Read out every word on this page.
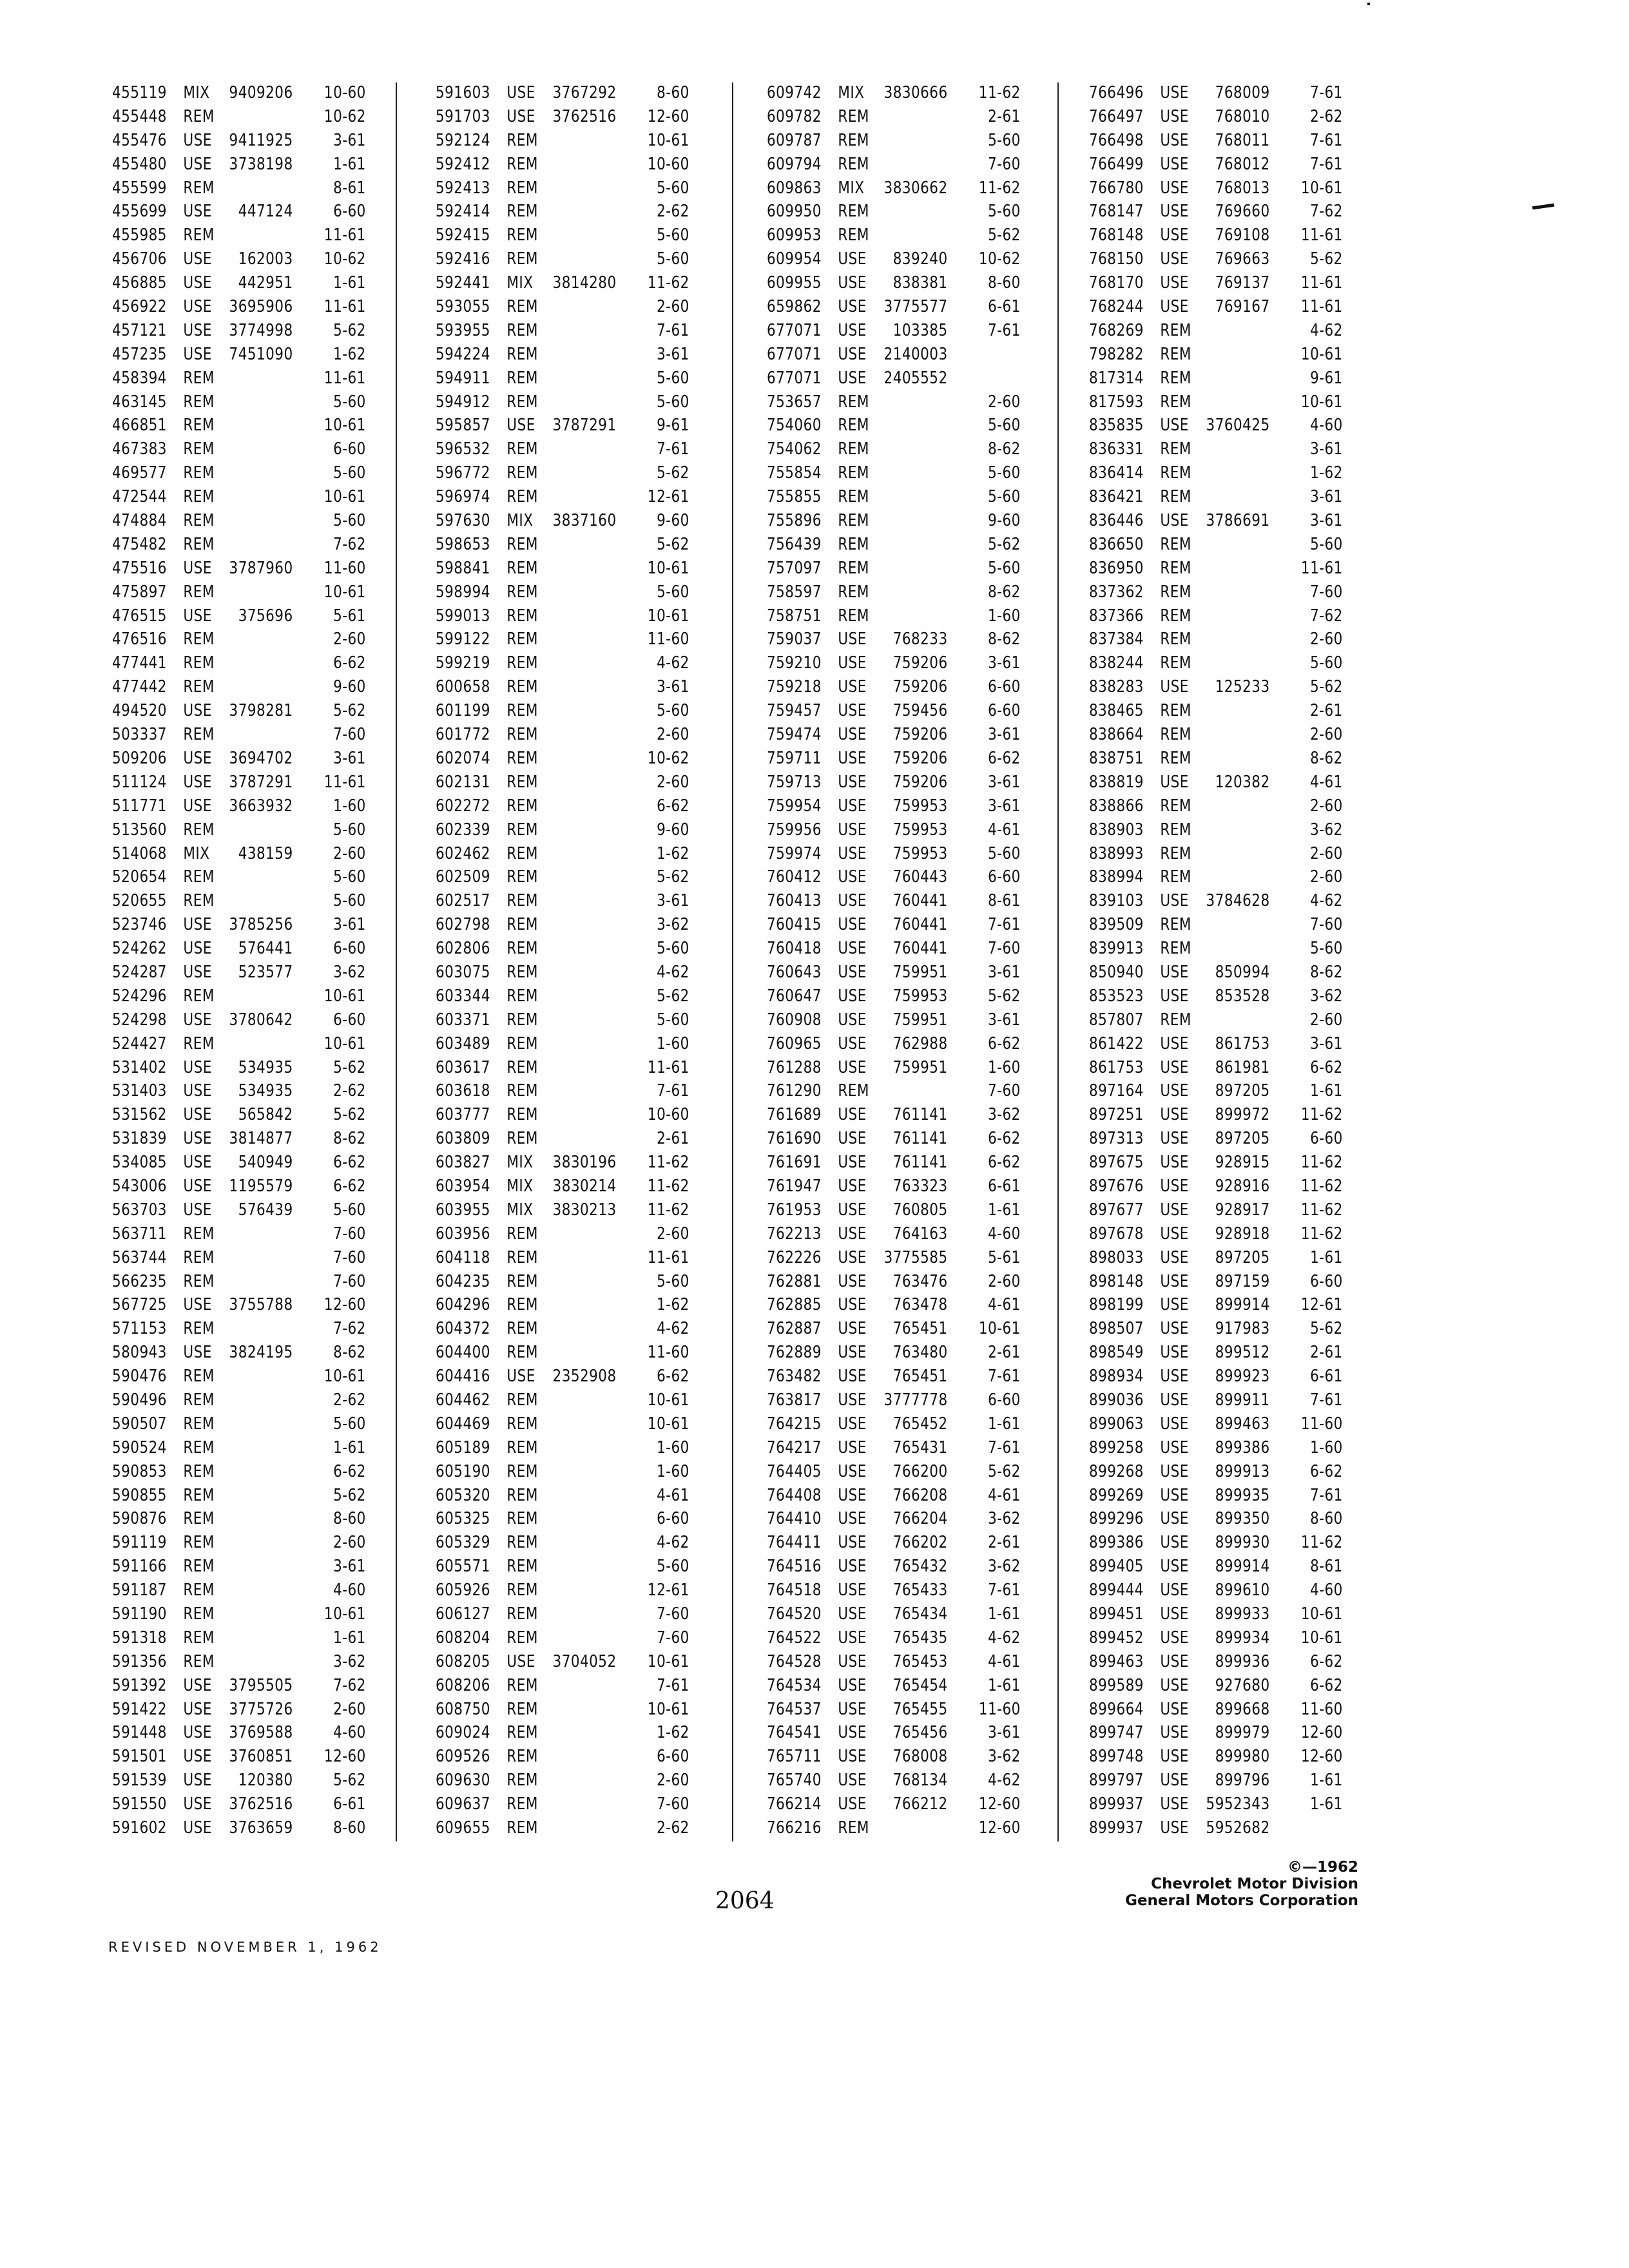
455119 MIX	9409206	10-60
455448 REM	10-62
455476 USE	9411925	3-61
455480 USE	3738198	1-61
455599 REM	8-61
455699 USE	447124	6-60
455985 REM	11-61
456706 USE	162003	10-62
456885 USE	442951	1-61
456922 USE	3695906	11-61
457121 USE	3774998	5-62
457235 USE	7451090	1-62
458394 REM	11-61
463145 REM	5-60
466851 REM	10-61
467383 REM	6-60
469577 REM	5-60
472544 REM	10-61
474884 REM	5-60
475482 REM	7-62
475516 USE	3787960	11-60
475897 REM	10-61
476515 USE	375696	5-61
476516 REM	2-60
477441 REM	6-62
477442 REM	9-60
494520 USE	3798281	5-62
503337 REM	7-60
509206 USE	3694702	3-61
511124 USE	3787291	11-61
511771 USE	3663932	1-60
513560 REM	5-60
514068 MIX	438159	2-60
520654 REM	5-60
520655 REM	5-60
523746 USE	3785256	3-61
524262 USE	576441	6-60
524287 USE	523577	3-62
524296 REM	10-61
524298 USE	3780642	6-60
524427 REM	10-61
531402 USE	534935	5-62
531403 USE	534935	2-62
531562 USE	565842	5-62
531839 USE	3814877	8-62
534085 USE	540949	6-62
543006 USE	1195579	6-62
563703 USE	576439	5-60
563711 REM	7-60
563744 REM	7-60
566235 REM	7-60
567725 USE	3755788	12-60
571153 REM	7-62
580943 USE	3824195	8-62
590476 REM	10-61
590496 REM	2-62
590507 REM	5-60
590524 REM	1-61
590853 REM	6-62
590855 REM	5-62
590876 REM	8-60
591119 REM	2-60
591166 REM	3-61
591187 REM	4-60
591190 REM	10-61
591318 REM	1-61
591356 REM	3-62
591392 USE	3795505	7-62
591422 USE	3775726	2-60
591448 USE	3769588	4-60
591501 USE	3760851	12-60
591539 USE	120380	5-62
591550 USE	3762516	6-61
591602 USE	3763659	8-60
591603 USE	3767292	8-60
591703 USE	3762516	12-60
592124 REM	10-61
592412 REM	10-60
592413 REM	5-60
592414 REM	2-62
592415 REM	5-60
592416 REM	5-60
592441 MIX	3814280	11-62
593055 REM	2-60
593955 REM	7-61
594224 REM	3-61
594911 REM	5-60
594912 REM	5-60
595857 USE	3787291	9-61
596532 REM	7-61
596772 REM	5-62
596974 REM	12-61
597630 MIX	3837160	9-60
598653 REM	5-62
598841 REM	10-61
598994 REM	5-60
599013 REM	10-61
599122 REM	11-60
599219 REM	4-62
600658 REM	3-61
601199 REM	5-60
601772 REM	2-60
602074 REM	10-62
602131 REM	2-60
602272 REM	6-62
602339 REM	9-60
602462 REM	1-62
602509 REM	5-62
602517 REM	3-61
602798 REM	3-62
602806 REM	5-60
603075 REM	4-62
603344 REM	5-62
603371 REM	5-60
603489 REM	1-60
603617 REM	11-61
603618 REM	7-61
603777 REM	10-60
603809 REM	2-61
603827 MIX	3830196	11-62
603954 MIX	3830214	11-62
603955 MIX	3830213	11-62
603956 REM	2-60
604118 REM	11-61
604235 REM	5-60
604296 REM	1-62
604372 REM	4-62
604400 REM	11-60
604416 USE	2352908	6-62
604462 REM	10-61
604469 REM	10-61
605189 REM	1-60
605190 REM	1-60
605320 REM	4-61
605325 REM	6-60
605329 REM	4-62
605571 REM	5-60
605926 REM	12-61
606127 REM	7-60
608204 REM	7-60
608205 USE	3704052	10-61
608206 REM	7-61
608750 REM	10-61
609024 REM	1-62
609526 REM	6-60
609630 REM	2-60
609637 REM	7-60
609655 REM	2-62
609742 MIX	3830666	11-62
609782 REM	2-61
609787 REM	5-60
609794 REM	7-60
609863 MIX	3830662	11-62
609950 REM	5-60
609953 REM	5-62
609954 USE	839240	10-62
609955 USE	838381	8-60
659862 USE	3775577	6-61
677071 USE	103385	7-61
677071 USE	2140003
677071 USE	2405552
753657 REM	2-60
754060 REM	5-60
754062 REM	8-62
755854 REM	5-60
755855 REM	5-60
755896 REM	9-60
756439 REM	5-62
757097 REM	5-60
758597 REM	8-62
758751 REM	1-60
759037 USE	768233	8-62
759210 USE	759206	3-61
759218 USE	759206	6-60
759457 USE	759456	6-60
759474 USE	759206	3-61
759711 USE	759206	6-62
759713 USE	759206	3-61
759954 USE	759953	3-61
759956 USE	759953	4-61
759974 USE	759953	5-60
760412 USE	760443	6-60
760413 USE	760441	8-61
760415 USE	760441	7-61
760418 USE	760441	7-60
760643 USE	759951	3-61
760647 USE	759953	5-62
760908 USE	759951	3-61
760965 USE	762988	6-62
761288 USE	759951	1-60
761290 REM	7-60
761689 USE	761141	3-62
761690 USE	761141	6-62
761691 USE	761141	6-62
761947 USE	763323	6-61
761953 USE	760805	1-61
762213 USE	764163	4-60
762226 USE	3775585	5-61
762881 USE	763476	2-60
762885 USE	763478	4-61
762887 USE	765451	10-61
762889 USE	763480	2-61
763482 USE	765451	7-61
763817 USE	3777778	6-60
764215 USE	765452	1-61
764217 USE	765431	7-61
764405 USE	766200	5-62
764408 USE	766208	4-61
764410 USE	766204	3-62
764411 USE	766202	2-61
764516 USE	765432	3-62
764518 USE	765433	7-61
764520 USE	765434	1-61
764522 USE	765435	4-62
764528 USE	765453	4-61
764534 USE	765454	1-61
764537 USE	765455	11-60
764541 USE	765456	3-61
765711 USE	768008	3-62
765740 USE	768134	4-62
766214 USE	766212	12-60
766216 REM	12-60
766496 USE	768009	7-61
766497 USE	768010	2-62
766498 USE	768011	7-61
766499 USE	768012	7-61
766780 USE	768013	10-61
768147 USE	769660	7-62
768148 USE	769108	11-61
768150 USE	769663	5-62
768170 USE	769137	11-61
768244 USE	769167	11-61
768269 REM	4-62
798282 REM	10-61
817314 REM	9-61
817593 REM	10-61
835835 USE	3760425	4-60
836331 REM	3-61
836414 REM	1-62
836421 REM	3-61
836446 USE	3786691	3-61
836650 REM	5-60
836950 REM	11-61
837362 REM	7-60
837366 REM	7-62
837384 REM	2-60
838244 REM	5-60
838283 USE	125233	5-62
838465 REM	2-61
838664 REM	2-60
838751 REM	8-62
838819 USE	120382	4-61
838866 REM	2-60
838903 REM	3-62
838993 REM	2-60
838994 REM	2-60
839103 USE	3784628	4-62
839509 REM	7-60
839913 REM	5-60
850940 USE	850994	8-62
853523 USE	853528	3-62
857807 REM	2-60
861422 USE	861753	3-61
861753 USE	861981	6-62
897164 USE	897205	1-61
897251 USE	899972	11-62
897313 USE	897205	6-60
897675 USE	928915	11-62
897676 USE	928916	11-62
897677 USE	928917	11-62
897678 USE	928918	11-62
898033 USE	897205	1-61
898148 USE	897159	6-60
898199 USE	899914	12-61
898507 USE	917983	5-62
898549 USE	899512	2-61
898934 USE	899923	6-61
899036 USE	899911	7-61
899063 USE	899463	11-60
899258 USE	899386	1-60
899268 USE	899913	6-62
899269 USE	899935	7-61
899296 USE	899350	8-60
899386 USE	899930	11-62
899405 USE	899914	8-61
899444 USE	899610	4-60
899451 USE	899933	10-61
899452 USE	899934	10-61
899463 USE	899936	6-62
899589 USE	927680	6-62
899664 USE	899668	11-60
899747 USE	899979	12-60
899748 USE	899980	12-60
899797 USE	899796	1-61
899937 USE	5952343	1-61
899937 USE	5952682
©—1962
Chevrolet Motor Division
General Motors Corporation
2064
REVISED NOVEMBER 1, 1962
